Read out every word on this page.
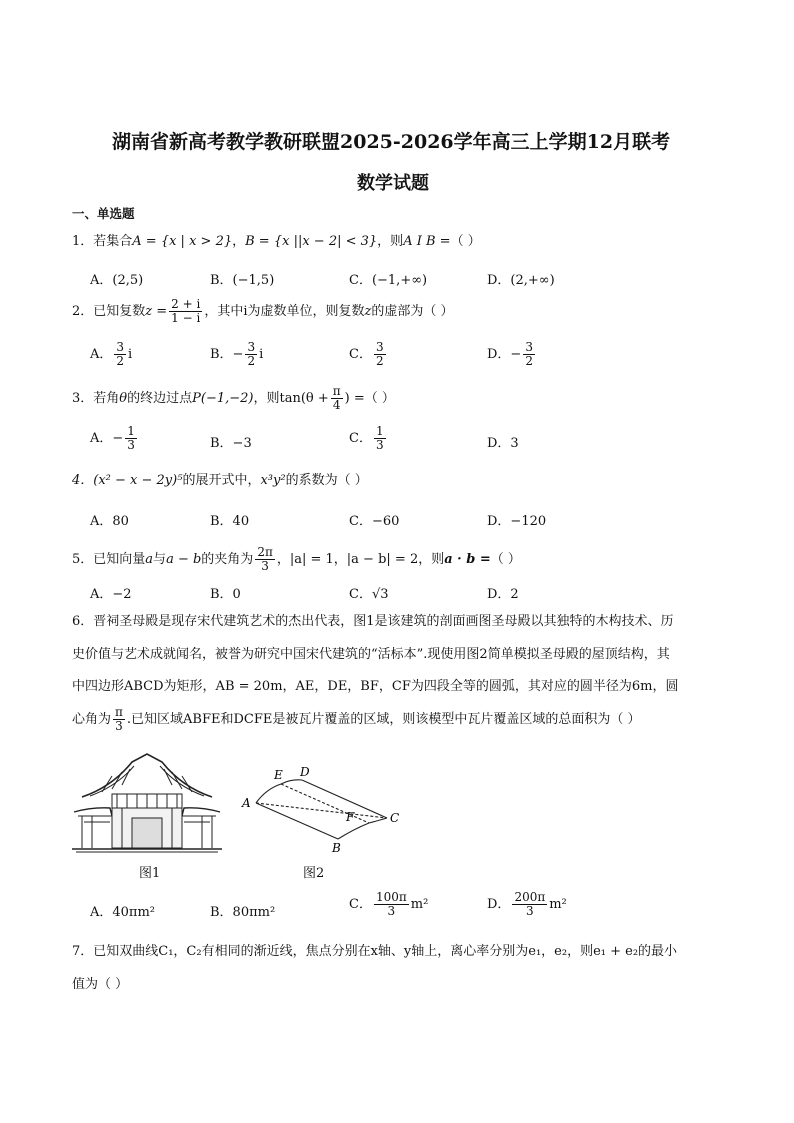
湖南省新高考教学教研联盟2025-2026学年高三上学期12月联考
数学试题
一、单选题
1．若集合A = {x | x > 2}，B = {x ||x − 2| < 3}，则A I B =（ ）
A．(2,5)	B．(−1,5)	C．(−1,+∞)	D．(2,+∞)
2．已知复数$z = \frac{2 + i}{1 - i}$ ，其中i为虚数单位，则复数z的虚部为（ ）
A． $\frac{3}{2}$ i	B．− $\frac{3}{2}$ i	C． $\frac{3}{2}$	D．− $\frac{3}{2}$
3．若角θ的终边过点P(−1,−2)，则$\tan(\theta + \frac{\pi}{4}$ ) =（ ）
A．− $\frac{1}{3}$	B．−3	C． $\frac{1}{3}$	D．3
4．(x² − x − 2y)⁵的展开式中，x³y²的系数为（ ）
A．80	B．40	C．−60	D．−120
5．已知向量a与a − b的夹角为 $\frac{2\pi}{3}$ ，|a| = 1，|a − b| = 2，则a · b =（ ）
A．−2	B．0	C．√3	D．2
6．晋祠圣母殿是现存宋代建筑艺术的杰出代表，图1是该建筑的剖面画图圣母殿以其独特的木构技术、历
史价值与艺术成就闻名，被誉为研究中国宋代建筑的“活标本”.现使用图2简单模拟圣母殿的屋顶结构，其
中四边形ABCD为矩形，AB = 20m，AE，DE，BF，CF为四段全等的圆弧，其对应的圆半径为6m，圆
心角为 $\frac{\pi}{3}$ .已知区域ABFE和DCFE是被瓦片覆盖的区域，则该模型中瓦片覆盖区域的总面积为（ ）
图1
E D
A
F	C
B
图2
A．40πm²	B．80πm²
C． $\frac{100\pi}{3} m^2$	D． $\frac{200\pi}{3} m^2$
7．已知双曲线C₁，C₂有相同的渐近线，焦点分别在x轴、y轴上，离心率分别为e₁，e₂，则e₁ + e₂的最小
值为（ ）
